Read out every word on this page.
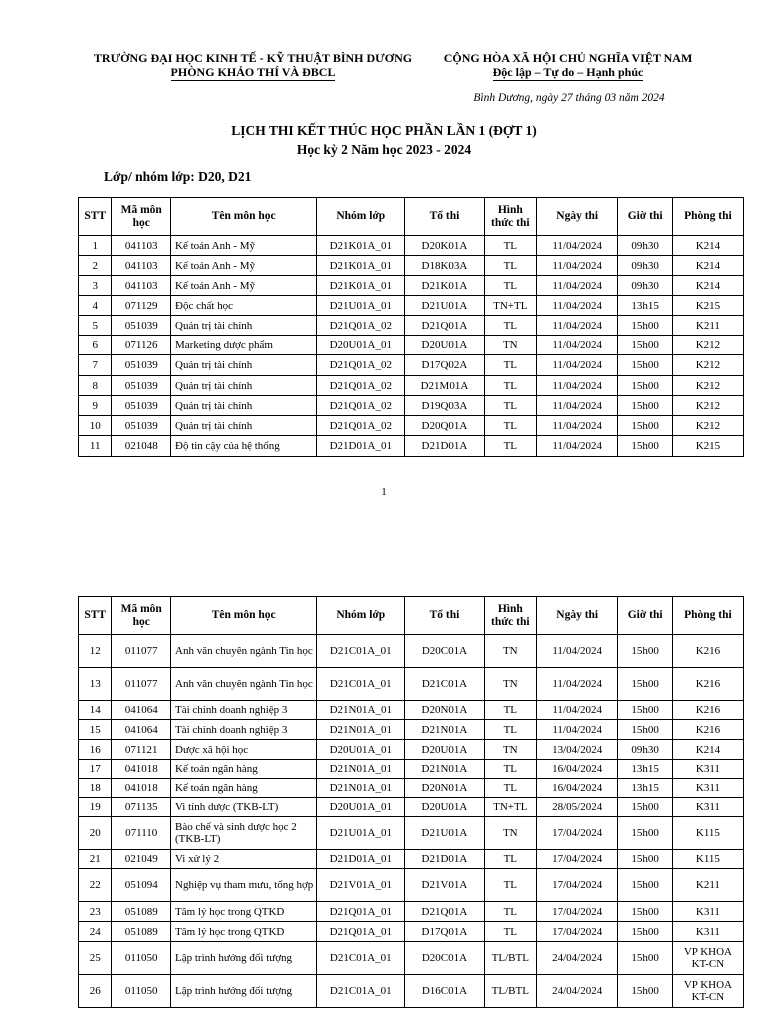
TRƯỜNG ĐẠI HỌC KINH TẾ - KỸ THUẬT BÌNH DƯƠNG
PHÒNG KHẢO THÍ VÀ ĐBCL
CỘNG HÒA XÃ HỘI CHỦ NGHĨA VIỆT NAM
Độc lập – Tự do – Hạnh phúc
Bình Dương, ngày 27 tháng 03 năm 2024
LỊCH THI KẾT THÚC HỌC PHẦN LẦN 1 (ĐỢT 1)
Học kỳ 2 Năm học 2023 - 2024
Lớp/ nhóm lớp: D20, D21
STT	Mã môn học	Tên môn học	Nhóm lớp	Tổ thi	Hình thức thi	Ngày thi	Giờ thi	Phòng thi
1	041103	Kế toán Anh - Mỹ	D21K01A_01	D20K01A	TL	11/04/2024	09h30	K214
2	041103	Kế toán Anh - Mỹ	D21K01A_01	D18K03A	TL	11/04/2024	09h30	K214
3	041103	Kế toán Anh - Mỹ	D21K01A_01	D21K01A	TL	11/04/2024	09h30	K214
4	071129	Độc chất học	D21U01A_01	D21U01A	TN+TL	11/04/2024	13h15	K215
5	051039	Quản trị tài chính	D21Q01A_02	D21Q01A	TL	11/04/2024	15h00	K211
6	071126	Marketing dược phẩm	D20U01A_01	D20U01A	TN	11/04/2024	15h00	K212
7	051039	Quản trị tài chính	D21Q01A_02	D17Q02A	TL	11/04/2024	15h00	K212
8	051039	Quản trị tài chính	D21Q01A_02	D21M01A	TL	11/04/2024	15h00	K212
9	051039	Quản trị tài chính	D21Q01A_02	D19Q03A	TL	11/04/2024	15h00	K212
10	051039	Quản trị tài chính	D21Q01A_02	D20Q01A	TL	11/04/2024	15h00	K212
11	021048	Độ tin cậy của hệ thống	D21D01A_01	D21D01A	TL	11/04/2024	15h00	K215
1
STT	Mã môn học	Tên môn học	Nhóm lớp	Tổ thi	Hình thức thi	Ngày thi	Giờ thi	Phòng thi
12	011077	Anh văn chuyên ngành Tin học	D21C01A_01	D20C01A	TN	11/04/2024	15h00	K216
13	011077	Anh văn chuyên ngành Tin học	D21C01A_01	D21C01A	TN	11/04/2024	15h00	K216
14	041064	Tài chính doanh nghiệp 3	D21N01A_01	D20N01A	TL	11/04/2024	15h00	K216
15	041064	Tài chính doanh nghiệp 3	D21N01A_01	D21N01A	TL	11/04/2024	15h00	K216
16	071121	Dược xã hội học	D20U01A_01	D20U01A	TN	13/04/2024	09h30	K214
17	041018	Kế toán ngân hàng	D21N01A_01	D21N01A	TL	16/04/2024	13h15	K311
18	041018	Kế toán ngân hàng	D21N01A_01	D20N01A	TL	16/04/2024	13h15	K311
19	071135	Vi tính dược (TKB-LT)	D20U01A_01	D20U01A	TN+TL	28/05/2024	15h00	K311
20	071110	Bào chế và sinh dược học 2 (TKB-LT)	D21U01A_01	D21U01A	TN	17/04/2024	15h00	K115
21	021049	Vi xử lý 2	D21D01A_01	D21D01A	TL	17/04/2024	15h00	K115
22	051094	Nghiệp vụ tham mưu, tổng hợp	D21V01A_01	D21V01A	TL	17/04/2024	15h00	K211
23	051089	Tâm lý học trong QTKD	D21Q01A_01	D21Q01A	TL	17/04/2024	15h00	K311
24	051089	Tâm lý học trong QTKD	D21Q01A_01	D17Q01A	TL	17/04/2024	15h00	K311
25	011050	Lập trình hướng đối tượng	D21C01A_01	D20C01A	TL/BTL	24/04/2024	15h00	VP KHOA KT-CN
26	011050	Lập trình hướng đối tượng	D21C01A_01	D16C01A	TL/BTL	24/04/2024	15h00	VP KHOA KT-CN
